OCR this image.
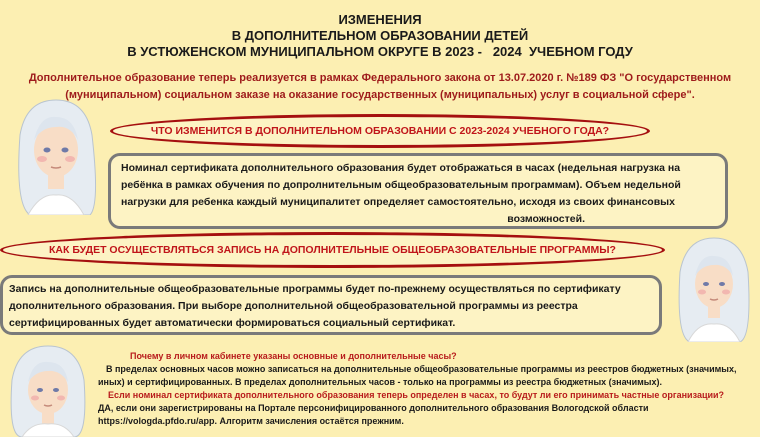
ИЗМЕНЕНИЯ
В ДОПОЛНИТЕЛЬНОМ ОБРАЗОВАНИИ ДЕТЕЙ
В УСТЮЖЕНСКОМ МУНИЦИПАЛЬНОМ ОКРУГЕ В 2023 -   2024  УЧЕБНОМ ГОДУ
Дополнительное образование теперь реализуется в рамках Федерального закона от 13.07.2020 г. №189 ФЗ "О государственном
(муниципальном) социальном заказе на оказание государственных (муниципальных) услуг в социальной сфере".
ЧТО ИЗМЕНИТСЯ В ДОПОЛНИТЕЛЬНОМ ОБРАЗОВАНИИ С 2023-2024 УЧЕБНОГО ГОДА?
Номинал сертификата дополнительного образования будет отображаться в часах (недельная нагрузка на
ребёнка в рамках обучения по допролнительным общеобразовательным программам). Объем недельной
нагрузки для ребенка каждый муниципалитет определяет самостоятельно, исходя из своих финансовых
возможностей.
КАК БУДЕТ ОСУЩЕСТВЛЯТЬСЯ ЗАПИСЬ НА ДОПОЛНИТЕЛЬНЫЕ ОБЩЕОБРАЗОВАТЕЛЬНЫЕ ПРОГРАММЫ?
Запись на дополнительные общеобразовательные программы будет по-прежнему осуществляться по сертификату
дополнительного образования. При выборе дополнительной общеобразовательной программы из реестра
сертифицированных будет автоматически формироваться социальный сертификат.
Почему в личном кабинете указаны основные и дополнительные часы?
В пределах основных часов можно записаться на дополнительные общеобразовательные программы из реестров бюджетных (значимых,
иных) и сертифицированных. В пределах дополнительных часов - только на программы из реестра бюджетных (значимых).
Если номинал сертификата дополнительного образования теперь определен в часах, то будут ли его принимать частные организации?
ДА, если они зарегистрированы на Портале персонифицированного дополнительного образования Вологодской области
https://vologda.pfdo.ru/app. Алгоритм зачисления остаётся прежним.
